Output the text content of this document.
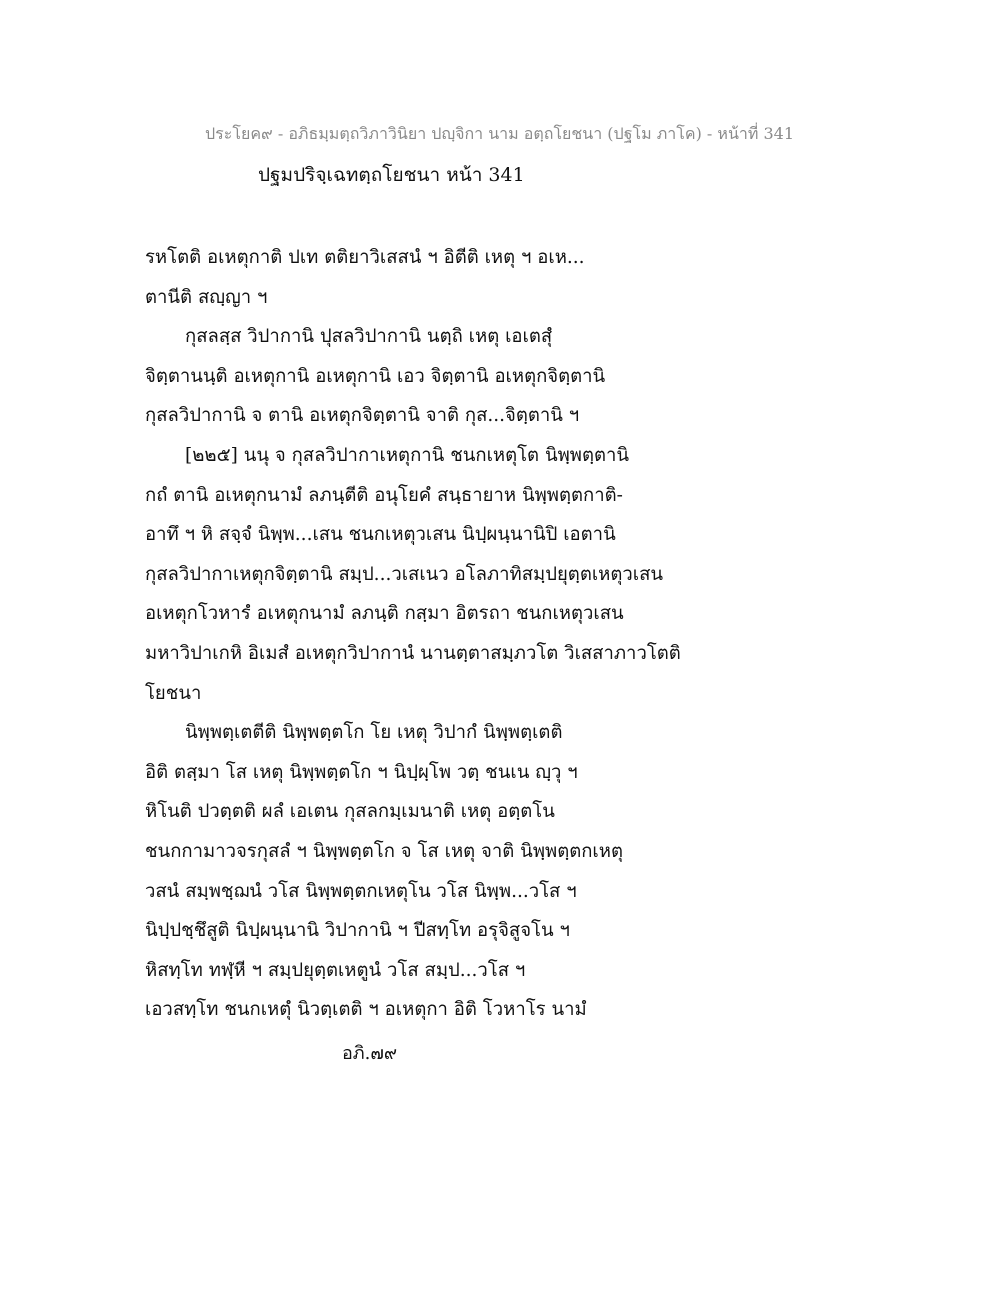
ประโยค๙ - อภิธมฺมตฺถวิภาวินิยา ปญฺจิกา นาม อตฺถโยชนา (ปฐโม ภาโค) - หน้าที่ 341
ปฐมปริจฺเฉทตฺถโยชนา หน้า 341
รหโตติ อเหตุกาติ ปเท ตติยาวิเสสนํ ฯ อิตีติ เหตุ ฯ อเห...
ตานีติ สญฺญา ฯ
กุสลสฺส วิปากานิ ปุสลวิปากานิ นตฺถิ เหตุ เอเตสุํ
จิตฺตานนฺติ อเหตุกานิ อเหตุกานิ เอว จิตฺตานิ อเหตุกจิตฺตานิ
กุสลวิปากานิ จ ตานิ อเหตุกจิตฺตานิ จาติ กุส...จิตฺตานิ ฯ
[๒๒๕] นนุ จ กุสลวิปากาเหตุกานิ ชนกเหตุโต นิพฺพตฺตานิ
กถํ ตานิ อเหตุกนามํ ลภนฺตีติ อนุโยคํ สนฺธายาห นิพฺพตฺตกาติ-
อาทึ ฯ หิ สจฺจํ นิพฺพ...เสน ชนกเหตุวเสน นิปฺผนฺนานิปิ เอตานิ
กุสลวิปากาเหตุกจิตฺตานิ สมฺป...วเสเนว อโลภาทิสมฺปยุตฺตเหตุวเสน
อเหตุกโวหารํ อเหตุกนามํ ลภนฺติ กสฺมา อิตรถา ชนกเหตุวเสน
มหาวิปาเกหิ อิเมสํ อเหตุกวิปากานํ นานตฺตาสมฺภวโต วิเสสาภาวโตติ
โยชนา
นิพฺพตฺเตตีติ นิพฺพตฺตโก โย เหตุ วิปากํ นิพฺพตฺเตติ
อิติ ตสฺมา โส เหตุ นิพฺพตฺตโก ฯ นิปฺผฺโพ วตฺ ชนเน ญฺวุ ฯ
หิโนติ ปวตฺตติ ผลํ เอเตน กุสลกมฺเมนาติ เหตุ อตฺตโน
ชนกกามาวจรกุสลํ ฯ นิพฺพตฺตโก จ โส เหตุ จาติ นิพฺพตฺตกเหตุ
วสนํ สมฺพชฺฌนํ วโส นิพฺพตฺตกเหตุโน วโส นิพฺพ...วโส ฯ
นิปฺปชฺชึสูติ นิปฺผนฺนานิ วิปากานิ ฯ ปีสทฺโท อรุจิสูจโน ฯ
หิสทฺโท ทฬฺหี ฯ สมฺปยุตฺตเหตูนํ วโส สมฺป...วโส ฯ
เอวสทฺโท ชนกเหตุํ นิวตฺเตติ ฯ อเหตุกา อิติ โวหาโร นามํ
อภิ.๗๙
